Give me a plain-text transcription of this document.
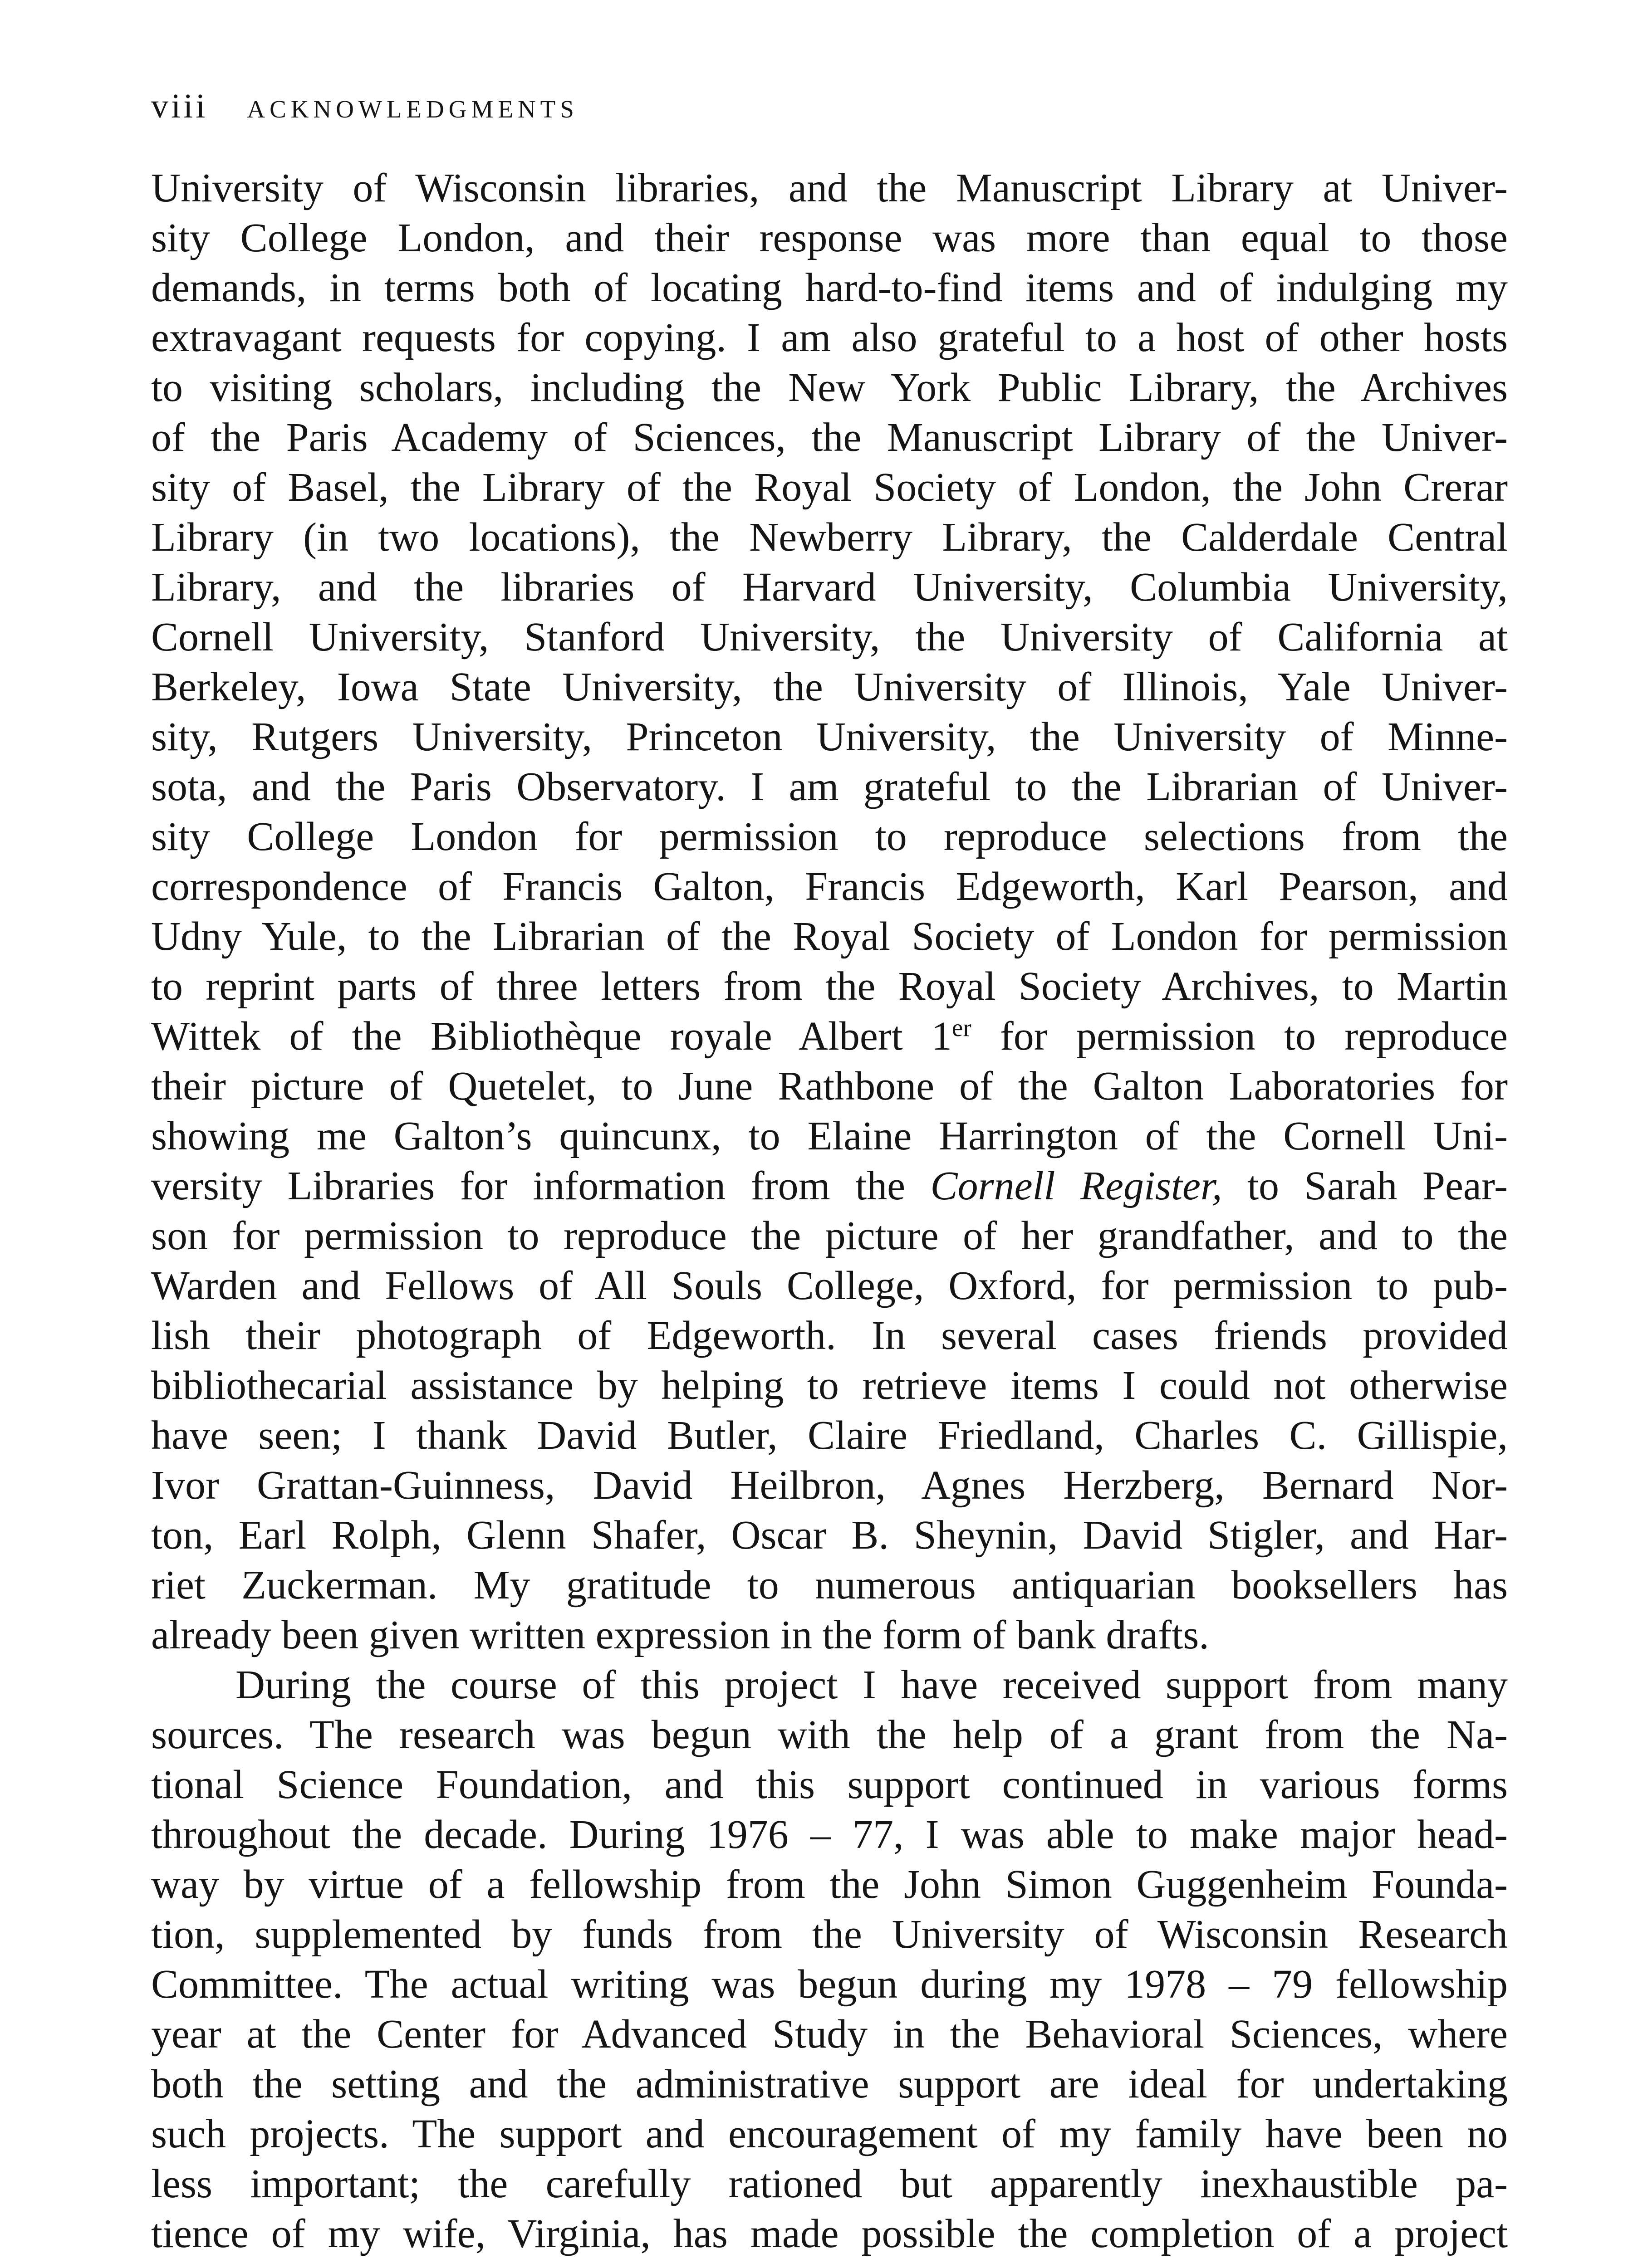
viii ACKNOWLEDGMENTS
University of Wisconsin libraries, and the Manuscript Library at Univer-
sity College London, and their response was more than equal to those
demands, in terms both of locating hard-to-find items and of indulging my
extravagant requests for copying. I am also grateful to a host of other hosts
to visiting scholars, including the New York Public Library, the Archives
of the Paris Academy of Sciences, the Manuscript Library of the Univer-
sity of Basel, the Library of the Royal Society of London, the John Crerar
Library (in two locations), the Newberry Library, the Calderdale Central
Library, and the libraries of Harvard University, Columbia University,
Cornell University, Stanford University, the University of California at
Berkeley, Iowa State University, the University of Illinois, Yale Univer-
sity, Rutgers University, Princeton University, the University of Minne-
sota, and the Paris Observatory. I am grateful to the Librarian of Univer-
sity College London for permission to reproduce selections from the
correspondence of Francis Galton, Francis Edgeworth, Karl Pearson, and
Udny Yule, to the Librarian of the Royal Society of London for permission
to reprint parts of three letters from the Royal Society Archives, to Martin
Wittek of the Bibliothèque royale Albert 1er for permission to reproduce
their picture of Quetelet, to June Rathbone of the Galton Laboratories for
showing me Galton’s quincunx, to Elaine Harrington of the Cornell Uni-
versity Libraries for information from the Cornell Register, to Sarah Pear-
son for permission to reproduce the picture of her grandfather, and to the
Warden and Fellows of All Souls College, Oxford, for permission to pub-
lish their photograph of Edgeworth. In several cases friends provided
bibliothecarial assistance by helping to retrieve items I could not otherwise
have seen; I thank David Butler, Claire Friedland, Charles C. Gillispie,
Ivor Grattan-Guinness, David Heilbron, Agnes Herzberg, Bernard Nor-
ton, Earl Rolph, Glenn Shafer, Oscar B. Sheynin, David Stigler, and Har-
riet Zuckerman. My gratitude to numerous antiquarian booksellers has
already been given written expression in the form of bank drafts.
During the course of this project I have received support from many
sources. The research was begun with the help of a grant from the Na-
tional Science Foundation, and this support continued in various forms
throughout the decade. During 1976 – 77, I was able to make major head-
way by virtue of a fellowship from the John Simon Guggenheim Founda-
tion, supplemented by funds from the University of Wisconsin Research
Committee. The actual writing was begun during my 1978 – 79 fellowship
year at the Center for Advanced Study in the Behavioral Sciences, where
both the setting and the administrative support are ideal for undertaking
such projects. The support and encouragement of my family have been no
less important; the carefully rationed but apparently inexhaustible pa-
tience of my wife, Virginia, has made possible the completion of a project
